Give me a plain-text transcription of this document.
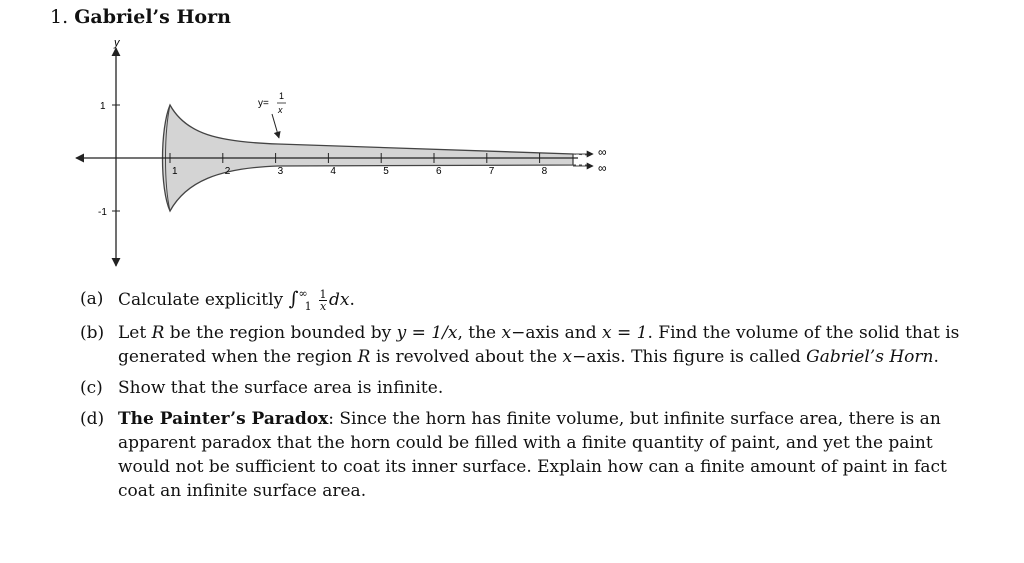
1. Gabriel’s Horn
∞
∞
y
1
-1
1	2	3	4	5	6	7	8
y=
1
x
(a) Calculate explicitly $\int^\infty_1 \frac{1}{x}$ dx.
(b) Let R be the region bounded by y = 1/x, the x−axis and x = 1. Find the volume of the solid that is generated when the region R is revolved about the x−axis. This figure is called Gabriel’s Horn.
(c) Show that the surface area is infinite.
(d) The Painter’s Paradox: Since the horn has finite volume, but infinite surface area, there is an apparent paradox that the horn could be filled with a finite quantity of paint, and yet the paint would not be sufficient to coat its inner surface. Explain how can a finite amount of paint in fact coat an infinite surface area.
